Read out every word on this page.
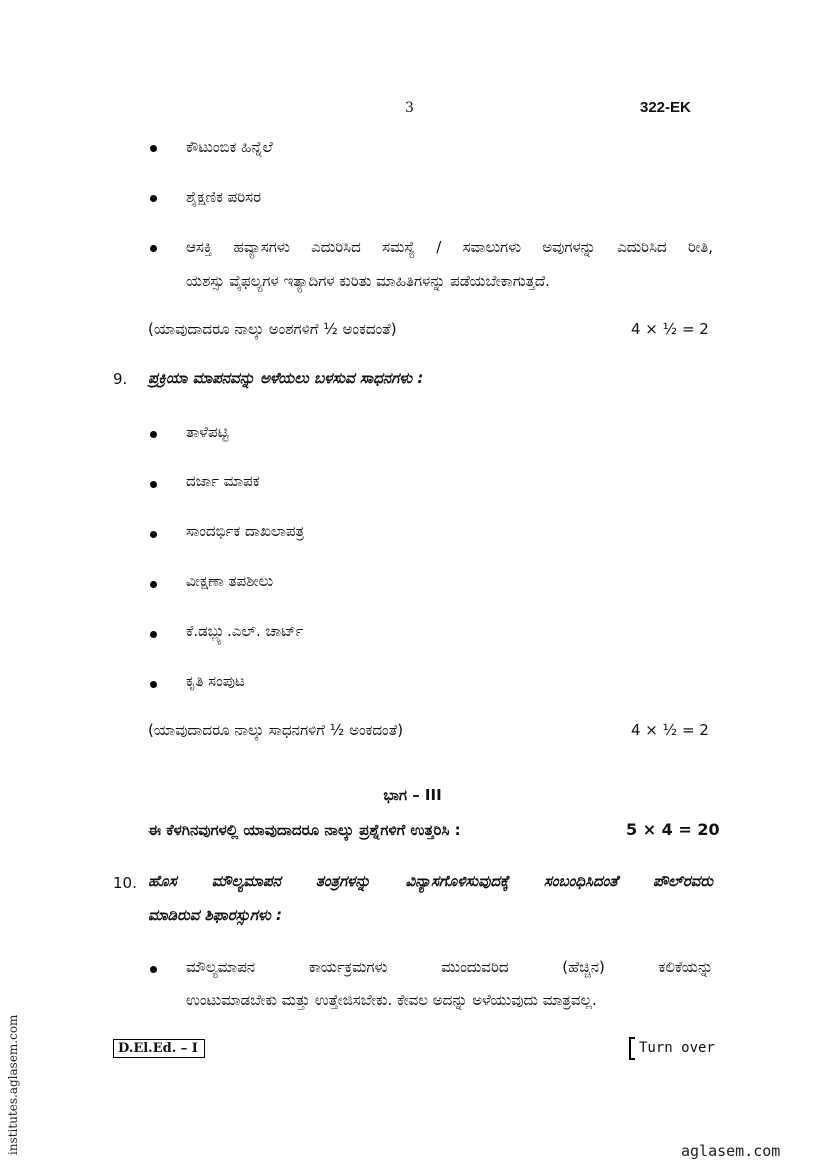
3	322-EK
ಕೌಟುಂಬಿಕ ಹಿನ್ನೆಲೆ
ಶೈಕ್ಷಣಿಕ ಪರಿಸರ
ಆಸಕ್ತಿ ಹವ್ಯಾಸಗಳು ಎದುರಿಸಿದ ಸಮಸ್ಯೆ / ಸವಾಲುಗಳು ಅವುಗಳನ್ನು ಎದುರಿಸಿದ ರೀತಿ,
ಯಶಸ್ಸು ವೈಫಲ್ಯಗಳ ಇತ್ಯಾದಿಗಳ ಕುರಿತು ಮಾಹಿತಿಗಳನ್ನು ಪಡೆಯಬೇಕಾಗುತ್ತದೆ.
(ಯಾವುದಾದರೂ ನಾಲ್ಕು ಅಂಶಗಳಿಗೆ ½ ಅಂಕದಂತೆ)	4 × ½ = 2
9. ಪ್ರಕ್ರಿಯಾ ಮಾಪನವನ್ನು ಅಳೆಯಲು ಬಳಸುವ ಸಾಧನಗಳು :
ತಾಳೆಪಟ್ಟಿ
ದರ್ಜಾ ಮಾಪಕ
ಸಾಂದರ್ಭಿಕ ದಾಖಲಾಪತ್ರ
ವೀಕ್ಷಣಾ ತಪಶೀಲು
ಕೆ.ಡಬ್ಲ್ಯು.ಎಲ್. ಚಾರ್ಟ್
ಕೃತಿ ಸಂಪುಟ
(ಯಾವುದಾದರೂ ನಾಲ್ಕು ಸಾಧನಗಳಿಗೆ ½ ಅಂಕದಂತೆ)	4 × ½ = 2
ಭಾಗ – III
ಈ ಕೆಳಗಿನವುಗಳಲ್ಲಿ ಯಾವುದಾದರೂ ನಾಲ್ಕು ಪ್ರಶ್ನೆಗಳಿಗೆ ಉತ್ತರಿಸಿ :	5 × 4 = 20
10. ಹೊಸ ಮೌಲ್ಯಮಾಪನ ತಂತ್ರಗಳನ್ನು ವಿನ್ಯಾಸಗೊಳಿಸುವುದಕ್ಕೆ ಸಂಬಂಧಿಸಿದಂತೆ ಪೌಲ್‌ರವರು
ಮಾಡಿರುವ ಶಿಫಾರಸ್ಸುಗಳು :
ಮೌಲ್ಯಮಾಪನ ಕಾರ್ಯಕ್ರಮಗಳು ಮುಂದುವರಿದ (ಹೆಚ್ಚಿನ) ಕಲಿಕೆಯನ್ನು
ಉಂಟುಮಾಡಬೇಕು ಮತ್ತು ಉತ್ತೇಜಿಸಬೇಕು. ಕೇವಲ ಅದನ್ನು ಅಳೆಯುವುದು ಮಾತ್ರವಲ್ಲ.
D.El.Ed. – I	Turn over
institutes.aglasem.com	aglasem.com
